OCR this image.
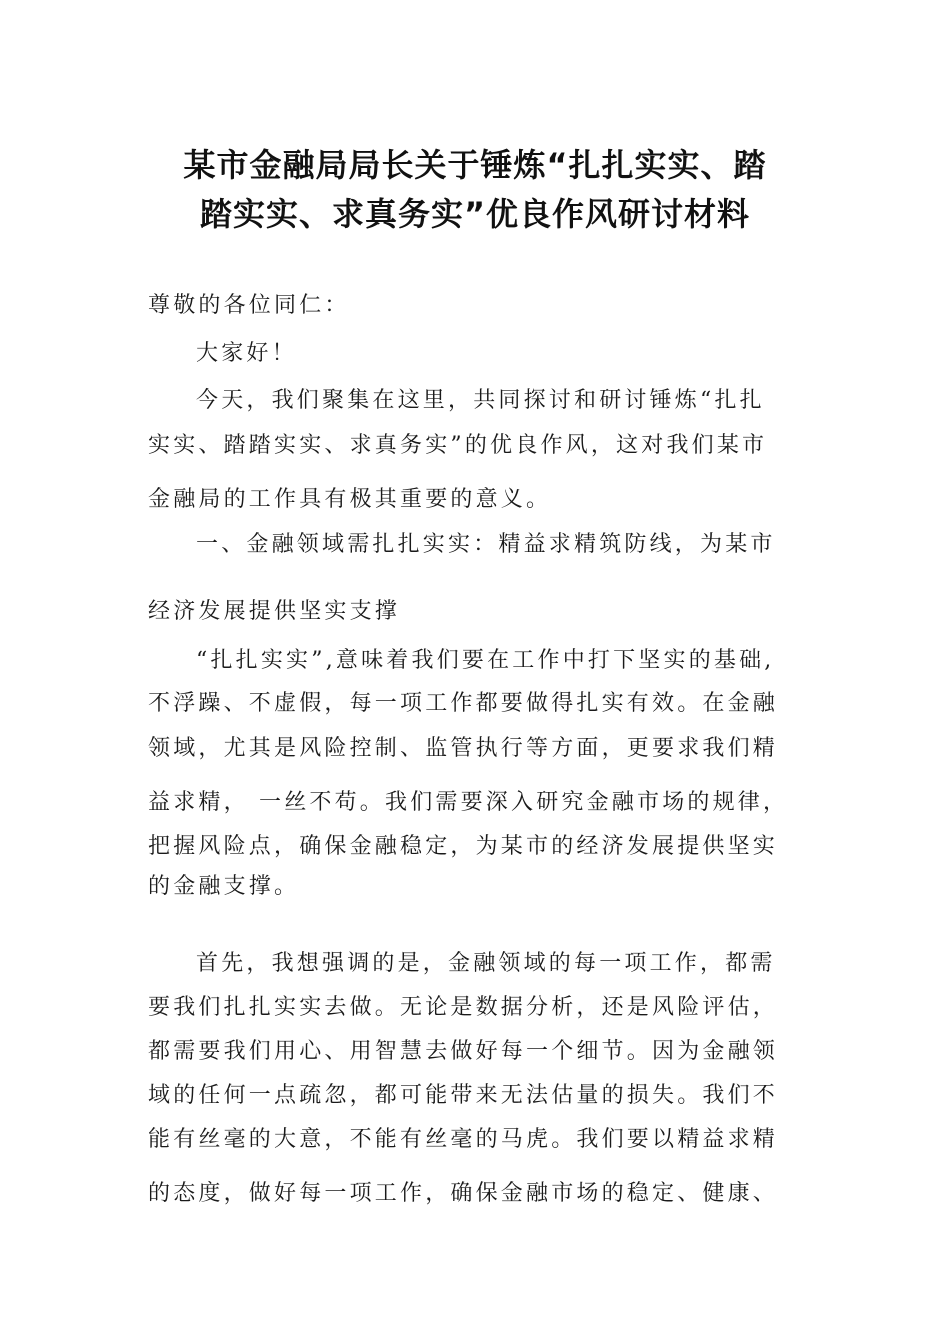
某市金融局局长关于锤炼“扎扎实实、踏
踏实实、求真务实”优良作风研讨材料
尊敬的各位同仁：
大家好！
今天，我们聚集在这里，共同探讨和研讨锤炼“扎扎
实实、踏踏实实、求真务实”的优良作风，这对我们某市
金融局的工作具有极其重要的意义。
一、金融领域需扎扎实实：精益求精筑防线，为某市
经济发展提供坚实支撑
“扎扎实实”,意味着我们要在工作中打下坚实的基础,
不浮躁、不虚假，每一项工作都要做得扎实有效。在金融
领域，尤其是风险控制、监管执行等方面，更要求我们精
益求精， 一丝不苟。我们需要深入研究金融市场的规律，
把握风险点，确保金融稳定，为某市的经济发展提供坚实
的金融支撑。
首先，我想强调的是，金融领域的每一项工作，都需
要我们扎扎实实去做。无论是数据分析，还是风险评估，
都需要我们用心、用智慧去做好每一个细节。因为金融领
域的任何一点疏忽，都可能带来无法估量的损失。我们不
能有丝毫的大意，不能有丝毫的马虎。我们要以精益求精
的态度，做好每一项工作，确保金融市场的稳定、健康、
